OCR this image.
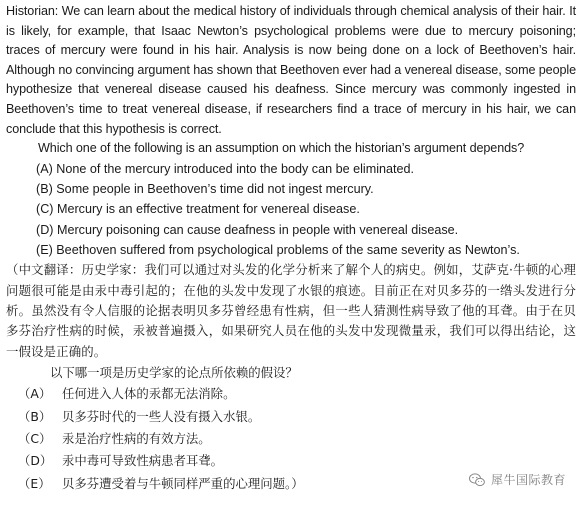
Historian: We can learn about the medical history of individuals through chemical analysis of their hair. It is likely, for example, that Isaac Newton’s psychological problems were due to mercury poisoning; traces of mercury were found in his hair. Analysis is now being done on a lock of Beethoven’s hair. Although no convincing argument has shown that Beethoven ever had a venereal disease, some people hypothesize that venereal disease caused his deafness. Since mercury was commonly ingested in Beethoven’s time to treat venereal disease, if researchers find a trace of mercury in his hair, we can conclude that this hypothesis is correct.

Which one of the following is an assumption on which the historian’s argument depends?

(A) None of the mercury introduced into the body can be eliminated.

(B) Some people in Beethoven’s time did not ingest mercury.

(C) Mercury is an effective treatment for venereal disease.

(D) Mercury poisoning can cause deafness in people with venereal disease.

(E) Beethoven suffered from psychological problems of the same severity as Newton’s.

（中文翻译：历史学家：我们可以通过对头发的化学分析来了解个人的病史。例如，艾萨克·牛顿的心理问题很可能是由汞中毒引起的；在他的头发中发现了水银的痕迹。目前正在对贝多芬的一绺头发进行分析。虽然没有令人信服的论据表明贝多芬曾经患有性病，但一些人猜测性病导致了他的耳聋。由于在贝多芬治疗性病的时候，汞被普遍摄入，如果研究人员在他的头发中发现微量汞，我们可以得出结论，这一假设是正确的。

以下哪一项是历史学家的论点所依赖的假设？

（A） 任何进入人体的汞都无法消除。
（B） 贝多芬时代的一些人没有摄入水银。
（C） 汞是治疗性病的有效方法。
（D） 汞中毒可导致性病患者耳聋。
（E） 贝多芬遭受着与牛顿同样严重的心理问题。）	犀牛国际教育
